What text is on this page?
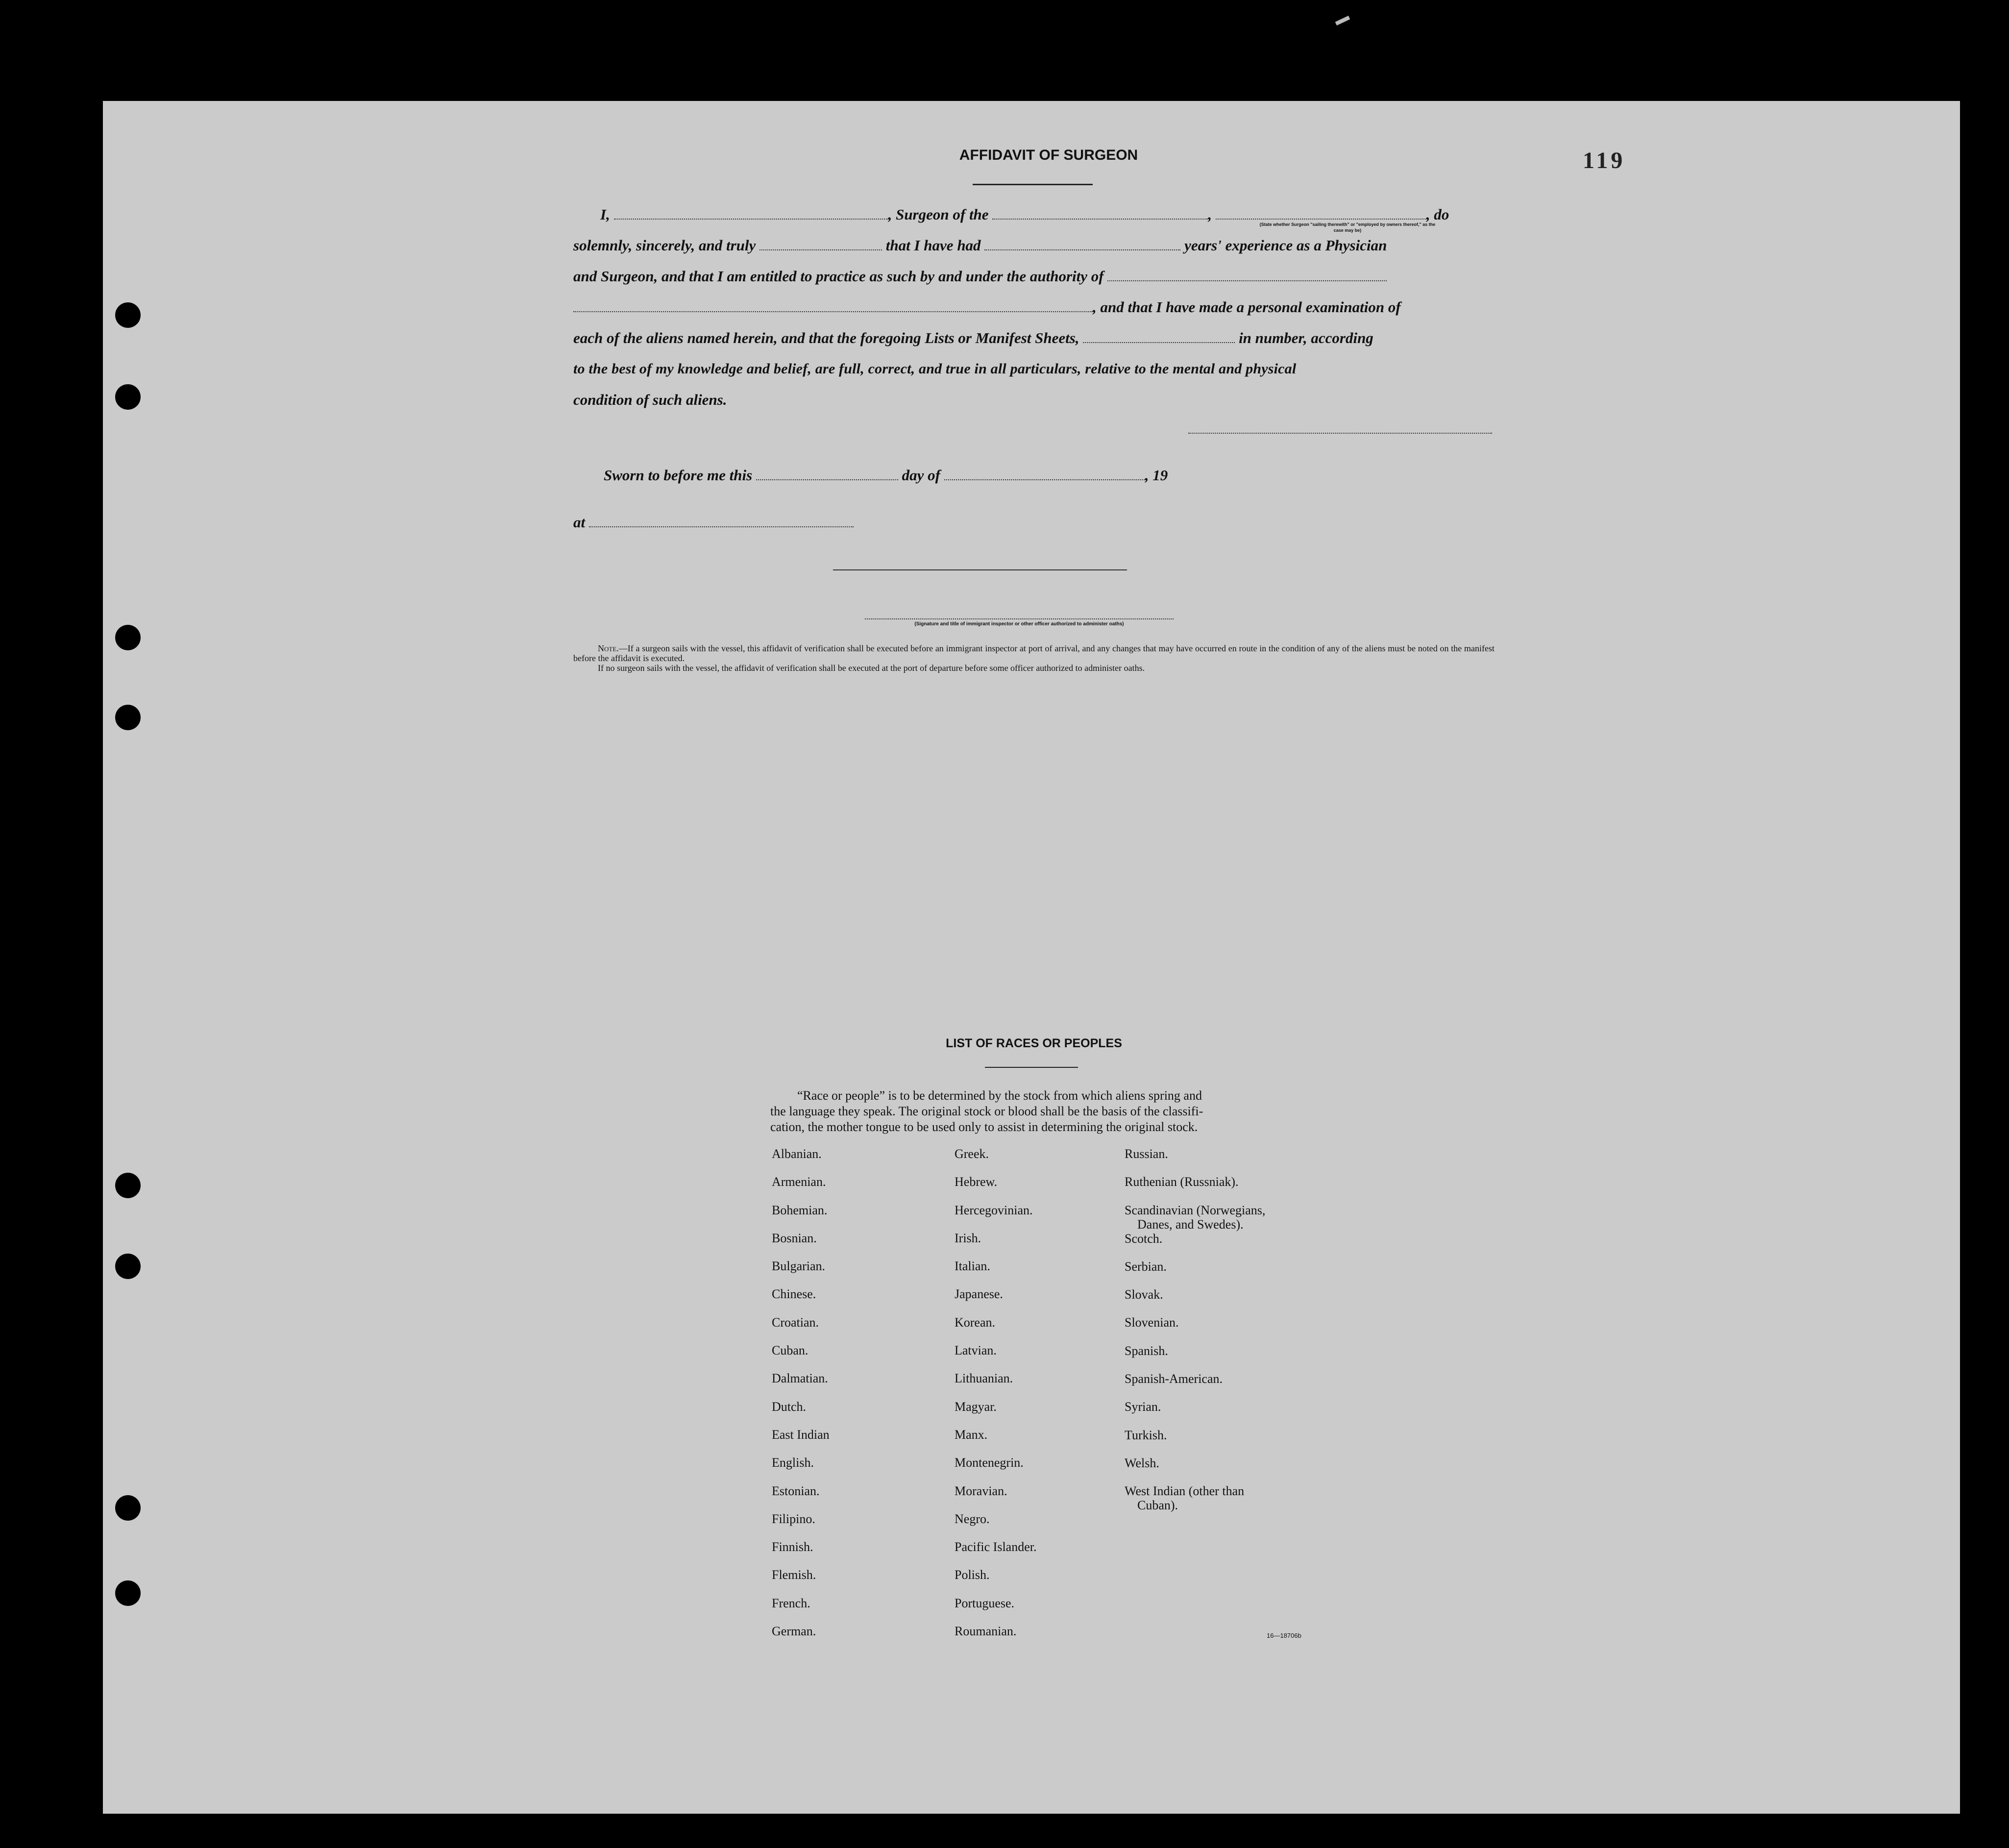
119
AFFIDAVIT OF SURGEON
I,	, Surgeon of the	,	, do
(State whether Surgeon "sailing therewith" or "employed by owners thereof," as the case may be)
solemnly, sincerely, and truly	that I have had	years' experience as a Physician
and Surgeon, and that I am entitled to practice as such by and under the authority of
, and that I have made a personal examination of
each of the aliens named herein, and that the foregoing Lists or Manifest Sheets,	in number, according
to the best of my knowledge and belief, are full, correct, and true in all particulars, relative to the mental and physical
condition of such aliens.
Sworn to before me this	day of	, 19
at
(Signature and title of immigrant inspector or other officer authorized to administer oaths)

Note.—If a surgeon sails with the vessel, this affidavit of verification shall be executed before an immigrant inspector at port of arrival, and any changes that may have occurred en route in the condition of any of the aliens must be noted on the manifest before the affidavit is executed.

If no surgeon sails with the vessel, the affidavit of verification shall be executed at the port of departure before some officer authorized to administer oaths.

LIST OF RACES OR PEOPLES
“Race or people” is to be determined by the stock from which aliens spring and
the language they speak. The original stock or blood shall be the basis of the classifi-
cation, the mother tongue to be used only to assist in determining the original stock.
Albanian.
Armenian.
Bohemian.
Bosnian.
Bulgarian.
Chinese.
Croatian.
Cuban.
Dalmatian.
Dutch.
East Indian
English.
Estonian.
Filipino.
Finnish.
Flemish.
French.
German.
Greek.
Hebrew.
Hercegovinian.
Irish.
Italian.
Japanese.
Korean.
Latvian.
Lithuanian.
Magyar.
Manx.
Montenegrin.
Moravian.
Negro.
Pacific Islander.
Polish.
Portuguese.
Roumanian.
Russian.
Ruthenian (Russniak).
Scandinavian (Norwegians,
Danes, and Swedes).
Scotch.
Serbian.
Slovak.
Slovenian.
Spanish.
Spanish-American.
Syrian.
Turkish.
Welsh.
West Indian (other than
Cuban).
16—18706b
